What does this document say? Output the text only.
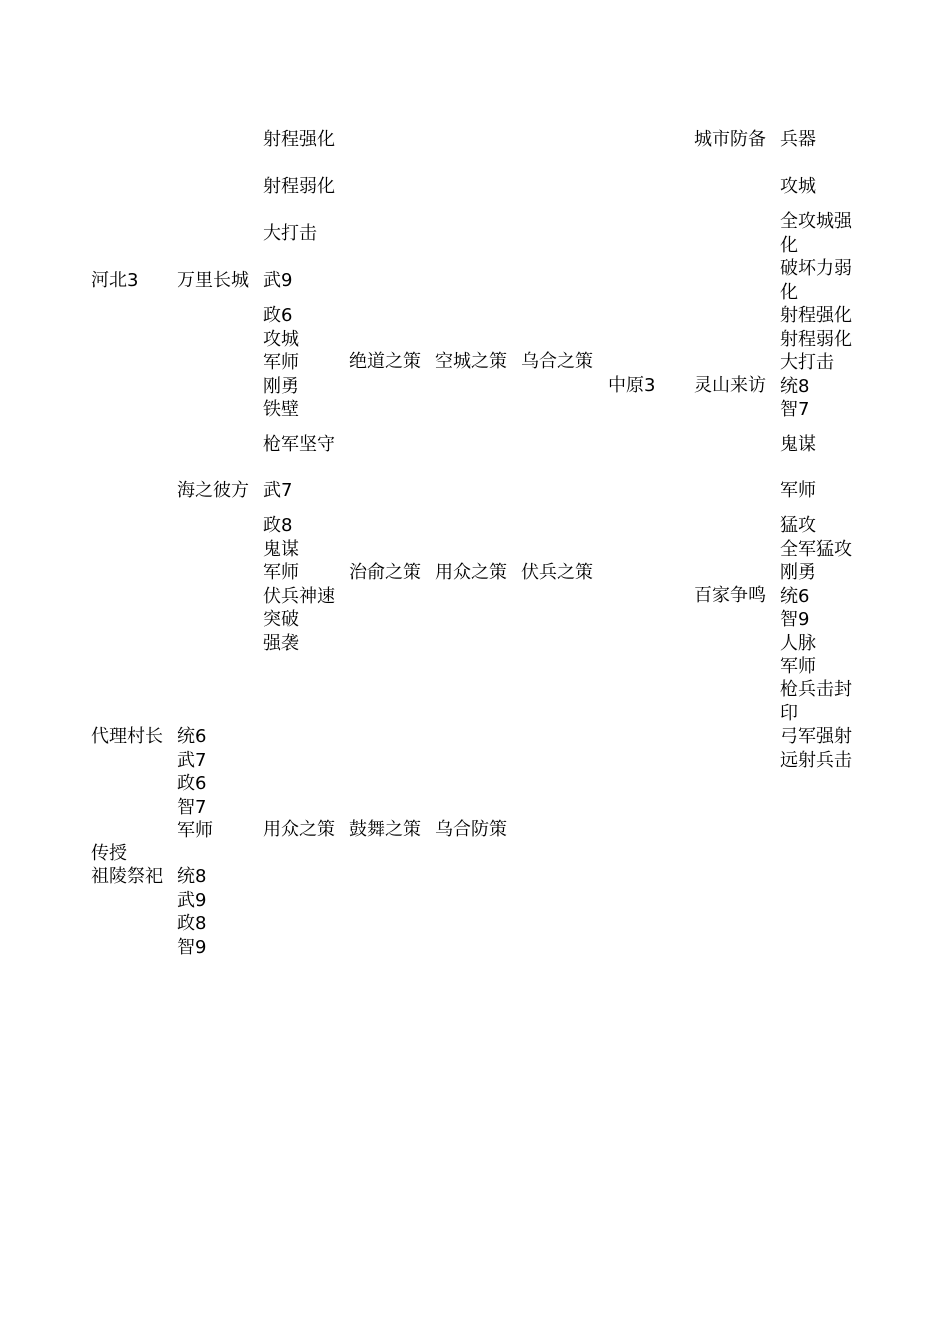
河北3
代理村长
传授
祖陵祭祀
万里长城
海之彼方
统6
武7
政6
智7
军师
统8
武9
政8
智9
射程强化
射程弱化
大打击
武9
政6
攻城
军师
刚勇
铁壁
枪军坚守
武7
政8
鬼谋
军师
伏兵神速
突破
强袭
用众之策
绝道之策
治俞之策
鼓舞之策
空城之策
用众之策
乌合防策
乌合之策
伏兵之策
中原3
城市防备
灵山来访
百家争鸣
兵器
攻城
全攻城强化
破坏力弱化
射程强化
射程弱化
大打击
统8
智7
鬼谋
军师
猛攻
全军猛攻
刚勇
统6
智9
人脉
军师
枪兵击封印
弓军强射
远射兵击
